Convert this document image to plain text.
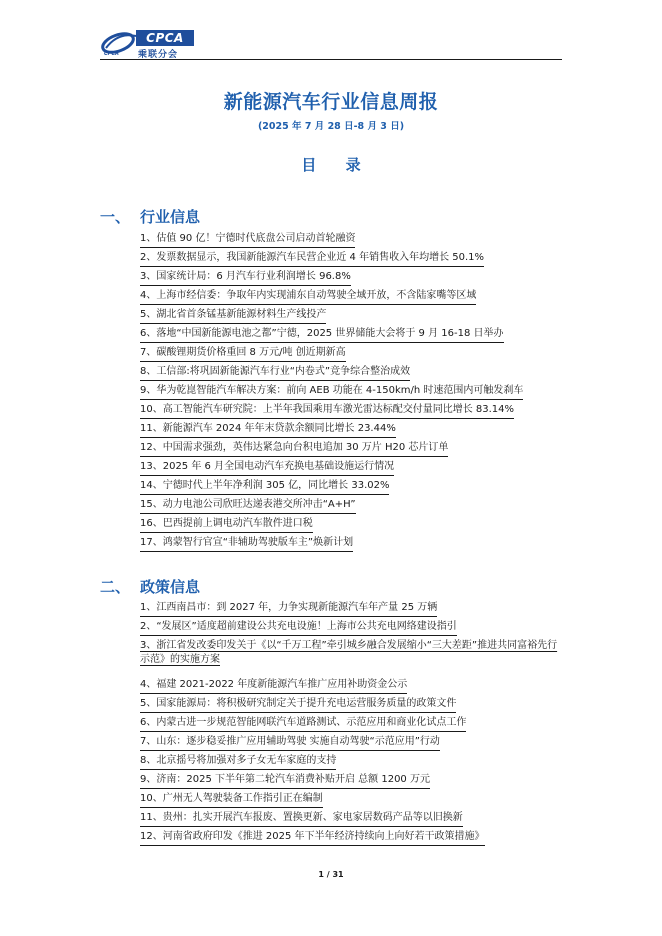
CPCA
乘联分会
CPCA
新能源汽车行业信息周报
(2025 年 7 月 28 日-8 月 3 日)
目 录
一、 行业信息
1、估值 90 亿！宁德时代底盘公司启动首轮融资
2、发票数据显示，我国新能源汽车民营企业近 4 年销售收入年均增长 50.1%
3、国家统计局：6 月汽车行业利润增长 96.8%
4、上海市经信委：争取年内实现浦东自动驾驶全域开放，不含陆家嘴等区域
5、湖北省首条锰基新能源材料生产线投产
6、落地“中国新能源电池之都”宁德，2025 世界储能大会将于 9 月 16-18 日举办
7、碳酸锂期货价格重回 8 万元/吨 创近期新高
8、工信部:将巩固新能源汽车行业“内卷式”竞争综合整治成效
9、华为乾崑智能汽车解决方案：前向 AEB 功能在 4-150km/h 时速范围内可触发刹车
10、高工智能汽车研究院：上半年我国乘用车激光雷达标配交付量同比增长 83.14%
11、新能源汽车 2024 年年末贷款余额同比增长 23.44%
12、中国需求强劲，英伟达紧急向台积电追加 30 万片 H20 芯片订单
13、2025 年 6 月全国电动汽车充换电基础设施运行情况
14、宁德时代上半年净利润 305 亿，同比增长 33.02%
15、动力电池公司欣旺达递表港交所冲击“A+H”
16、巴西提前上调电动汽车散件进口税
17、鸿蒙智行官宣“非辅助驾驶版车主”焕新计划
二、 政策信息
1、江西南昌市：到 2027 年，力争实现新能源汽车年产量 25 万辆
2、“发展区”适度超前建设公共充电设施！上海市公共充电网络建设指引
3、浙江省发改委印发关于《以“千万工程”牵引城乡融合发展缩小“三大差距”推进共同富裕先行示范》的实施方案
4、福建 2021-2022 年度新能源汽车推广应用补助资金公示
5、国家能源局：将积极研究制定关于提升充电运营服务质量的政策文件
6、内蒙古进一步规范智能网联汽车道路测试、示范应用和商业化试点工作
7、山东：逐步稳妥推广应用辅助驾驶 实施自动驾驶“示范应用”行动
8、北京摇号将加强对多子女无车家庭的支持
9、济南：2025 下半年第二轮汽车消费补贴开启 总额 1200 万元
10、广州无人驾驶装备工作指引正在编制
11、贵州：扎实开展汽车报废、置换更新、家电家居数码产品等以旧换新
12、河南省政府印发《推进 2025 年下半年经济持续向上向好若干政策措施》
1 / 31
